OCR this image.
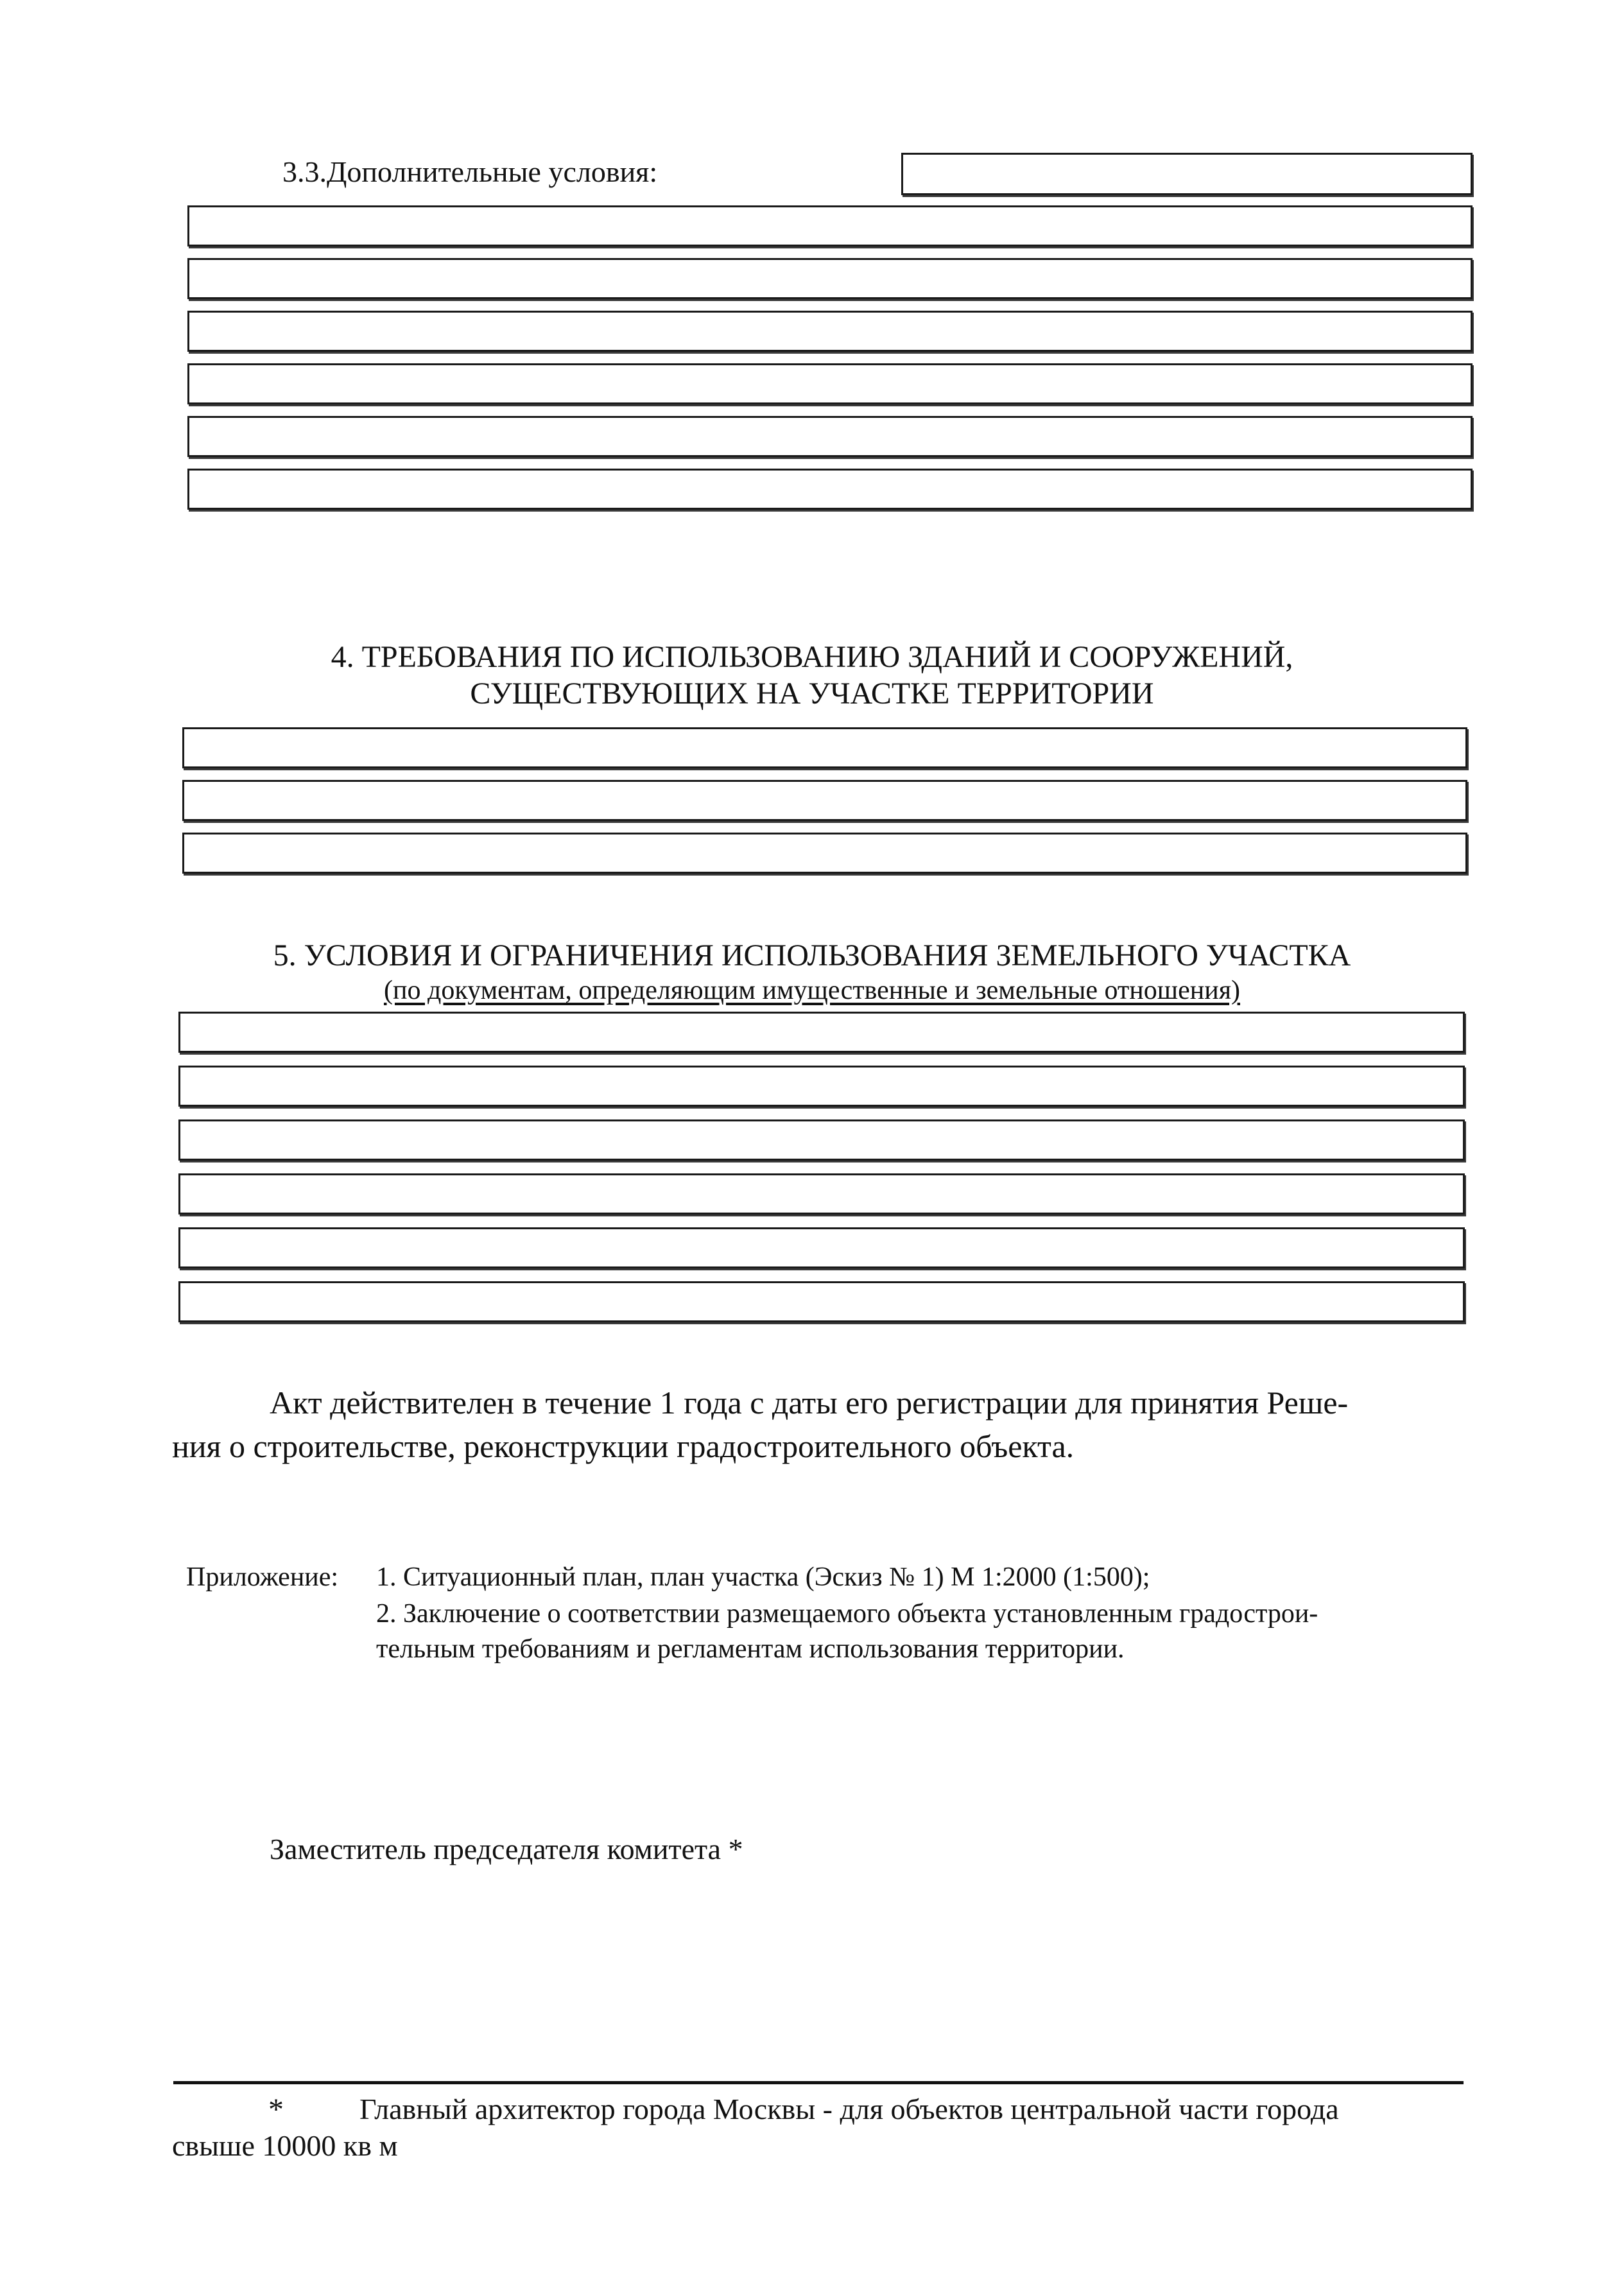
3.3.Дополнительные условия:
4. ТРЕБОВАНИЯ ПО ИСПОЛЬЗОВАНИЮ ЗДАНИЙ И СООРУЖЕНИЙ,
СУЩЕСТВУЮЩИХ НА УЧАСТКЕ ТЕРРИТОРИИ
5. УСЛОВИЯ И ОГРАНИЧЕНИЯ ИСПОЛЬЗОВАНИЯ ЗЕМЕЛЬНОГО УЧАСТКА
(по документам, определяющим имущественные и земельные отношения)
Акт действителен в течение 1 года с даты его регистрации для принятия Реше-
ния о строительстве, реконструкции градостроительного объекта.
Приложение: 1. Ситуационный план, план участка (Эскиз № 1) М 1:2000 (1:500);
2. Заключение о соответствии размещаемого объекта установленным градострои-
тельным требованиям и регламентам использования территории.
Заместитель председателя комитета *
*	Главный архитектор города Москвы - для объектов центральной части города
свыше 10000 кв м
